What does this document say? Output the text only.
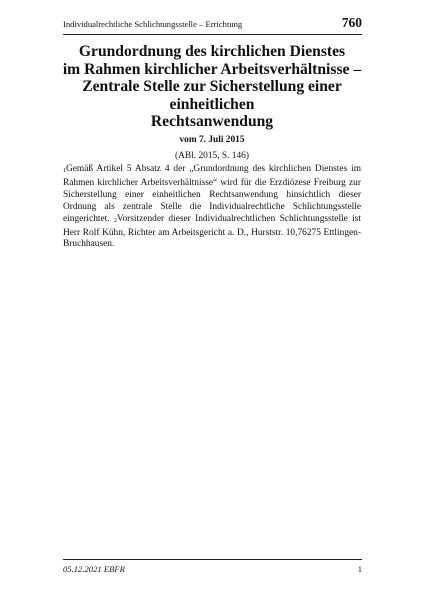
Individualrechtliche Schlichtungsstelle – Errichtung	760
Grundordnung des kirchlichen Dienstes
im Rahmen kirchlicher Arbeitsverhältnisse –
Zentrale Stelle zur Sicherstellung einer einheitlichen
Rechtsanwendung
vom 7. Juli 2015
(ABl. 2015, S. 146)

1Gemäß Artikel 5 Absatz 4 der „Grundordnung des kirchlichen Dienstes im Rahmen kirchlicher Arbeitsverhältnisse“ wird für die Erzdiözese Freiburg zur Sicherstellung einer einheitlichen Rechtsanwendung hinsichtlich dieser Ordnung als zentrale Stelle die Individualrechtliche Schlichtungsstelle eingerichtet. 2Vorsitzender dieser Individualrechtlichen Schlichtungsstelle ist Herr Rolf Kühn, Richter am Arbeitsgericht a. D., Hurststr. 10,76275 Ettlingen-Bruchhausen.

05.12.2021 EBFR	1
